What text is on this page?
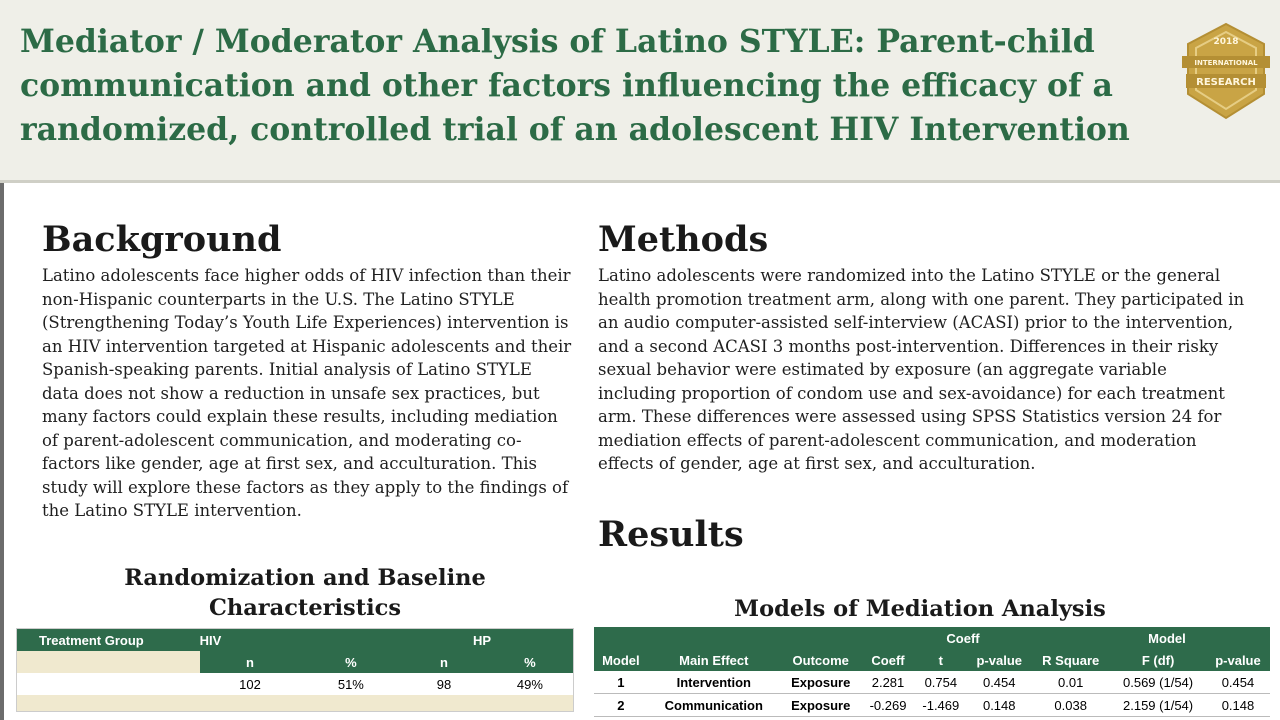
Mediator / Moderator Analysis of Latino STYLE: Parent-child communication and other factors influencing the efficacy of a randomized, controlled trial of an adolescent HIV Intervention
2018
INTERNATIONAL
RESEARCH
Background

Latino adolescents face higher odds of HIV infection than their non-Hispanic counterparts in the U.S. The Latino STYLE (Strengthening Today’s Youth Life Experiences) intervention is an HIV intervention targeted at Hispanic adolescents and their Spanish-speaking parents. Initial analysis of Latino STYLE data does not show a reduction in unsafe sex practices, but many factors could explain these results, including mediation of parent-adolescent communication, and moderating co-factors like gender, age at first sex, and acculturation. This study will explore these factors as they apply to the findings of the Latino STYLE intervention.

Randomization and Baseline Characteristics
Treatment Group	HIV		HP	
	n	%	n	%
	102	51%	98	49%

Methods

Latino adolescents were randomized into the Latino STYLE or the general health promotion treatment arm, along with one parent. They participated in an audio computer-assisted self-interview (ACASI) prior to the intervention, and a second ACASI 3 months post-intervention. Differences in their risky sexual behavior were estimated by exposure (an aggregate variable including proportion of condom use and sex-avoidance) for each treatment arm. These differences were assessed using SPSS Statistics version 24 for mediation effects of parent-adolescent communication, and moderation effects of gender, age at first sex, and acculturation.

Results
Models of Mediation Analysis
				Coeff			Model	
Model	Main Effect	Outcome	Coeff	t	p-value	R Square	F (df)	p-value
1	Intervention	Exposure	2.281	0.754	0.454	0.01	0.569 (1/54)	0.454
2	Communication	Exposure	-0.269	-1.469	0.148	0.038	2.159 (1/54)	0.148
